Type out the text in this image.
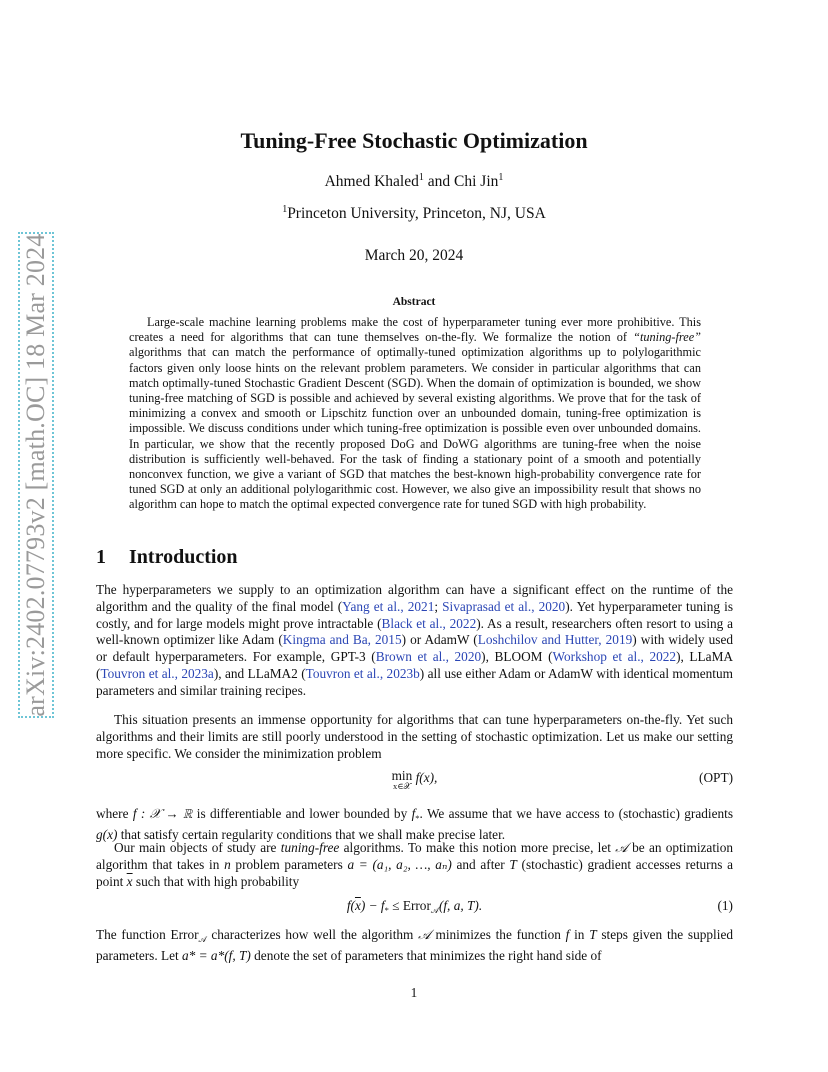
arXiv:2402.07793v2 [math.OC] 18 Mar 2024
Tuning-Free Stochastic Optimization
Ahmed Khaled$^1$ and Chi Jin$^1$
$^1$Princeton University, Princeton, NJ, USA
March 20, 2024
Abstract
Large-scale machine learning problems make the cost of hyperparameter tuning ever more prohibitive. This creates a need for algorithms that can tune themselves on-the-fly. We formalize the notion of “tuning-free” algorithms that can match the performance of optimally-tuned optimization algorithms up to polylogarithmic factors given only loose hints on the relevant problem parameters. We consider in particular algorithms that can match optimally-tuned Stochastic Gradient Descent (SGD). When the domain of optimization is bounded, we show tuning-free matching of SGD is possible and achieved by several existing algorithms. We prove that for the task of minimizing a convex and smooth or Lipschitz function over an unbounded domain, tuning-free optimization is impossible. We discuss conditions under which tuning-free optimization is possible even over unbounded domains. In particular, we show that the recently proposed DoG and DoWG algorithms are tuning-free when the noise distribution is sufficiently well-behaved. For the task of finding a stationary point of a smooth and potentially nonconvex function, we give a variant of SGD that matches the best-known high-probability convergence rate for tuned SGD at only an additional polylogarithmic cost. However, we also give an impossibility result that shows no algorithm can hope to match the optimal expected convergence rate for tuned SGD with high probability.
1 Introduction

The hyperparameters we supply to an optimization algorithm can have a significant effect on the runtime of the algorithm and the quality of the final model (Yang et al., 2021; Sivaprasad et al., 2020). Yet hyperparameter tuning is costly, and for large models might prove intractable (Black et al., 2022). As a result, researchers often resort to using a well-known optimizer like Adam (Kingma and Ba, 2015) or AdamW (Loshchilov and Hutter, 2019) with widely used or default hyperparameters. For example, GPT-3 (Brown et al., 2020), BLOOM (Workshop et al., 2022), LLaMA (Touvron et al., 2023a), and LLaMA2 (Touvron et al., 2023b) all use either Adam or AdamW with identical momentum parameters and similar training recipes.

This situation presents an immense opportunity for algorithms that can tune hyperparameters on-the-fly. Yet such algorithms and their limits are still poorly understood in the setting of stochastic optimization. Let us make our setting more specific. We consider the minimization problem

min
x∈𝒳
f(x),	(OPT)

where f : 𝒳 → ℝ is differentiable and lower bounded by $f_*$. We assume that we have access to (stochastic) gradients g(x) that satisfy certain regularity conditions that we shall make precise later.

Our main objects of study are tuning-free algorithms. To make this notion more precise, let 𝒜 be an optimization algorithm that takes in n problem parameters a = (a₁, a₂, …, aₙ) and after T (stochastic) gradient accesses returns a point $\overline{x}$ such that with high probability

$f(\overline{x}) - f_*$ ≤ Error$_𝒜$(f, a, T).	(1)

The function Error$_𝒜$ characterizes how well the algorithm 𝒜 minimizes the function f in T steps given the supplied parameters. Let a* = a*(f, T) denote the set of parameters that minimizes the right hand side of

1
